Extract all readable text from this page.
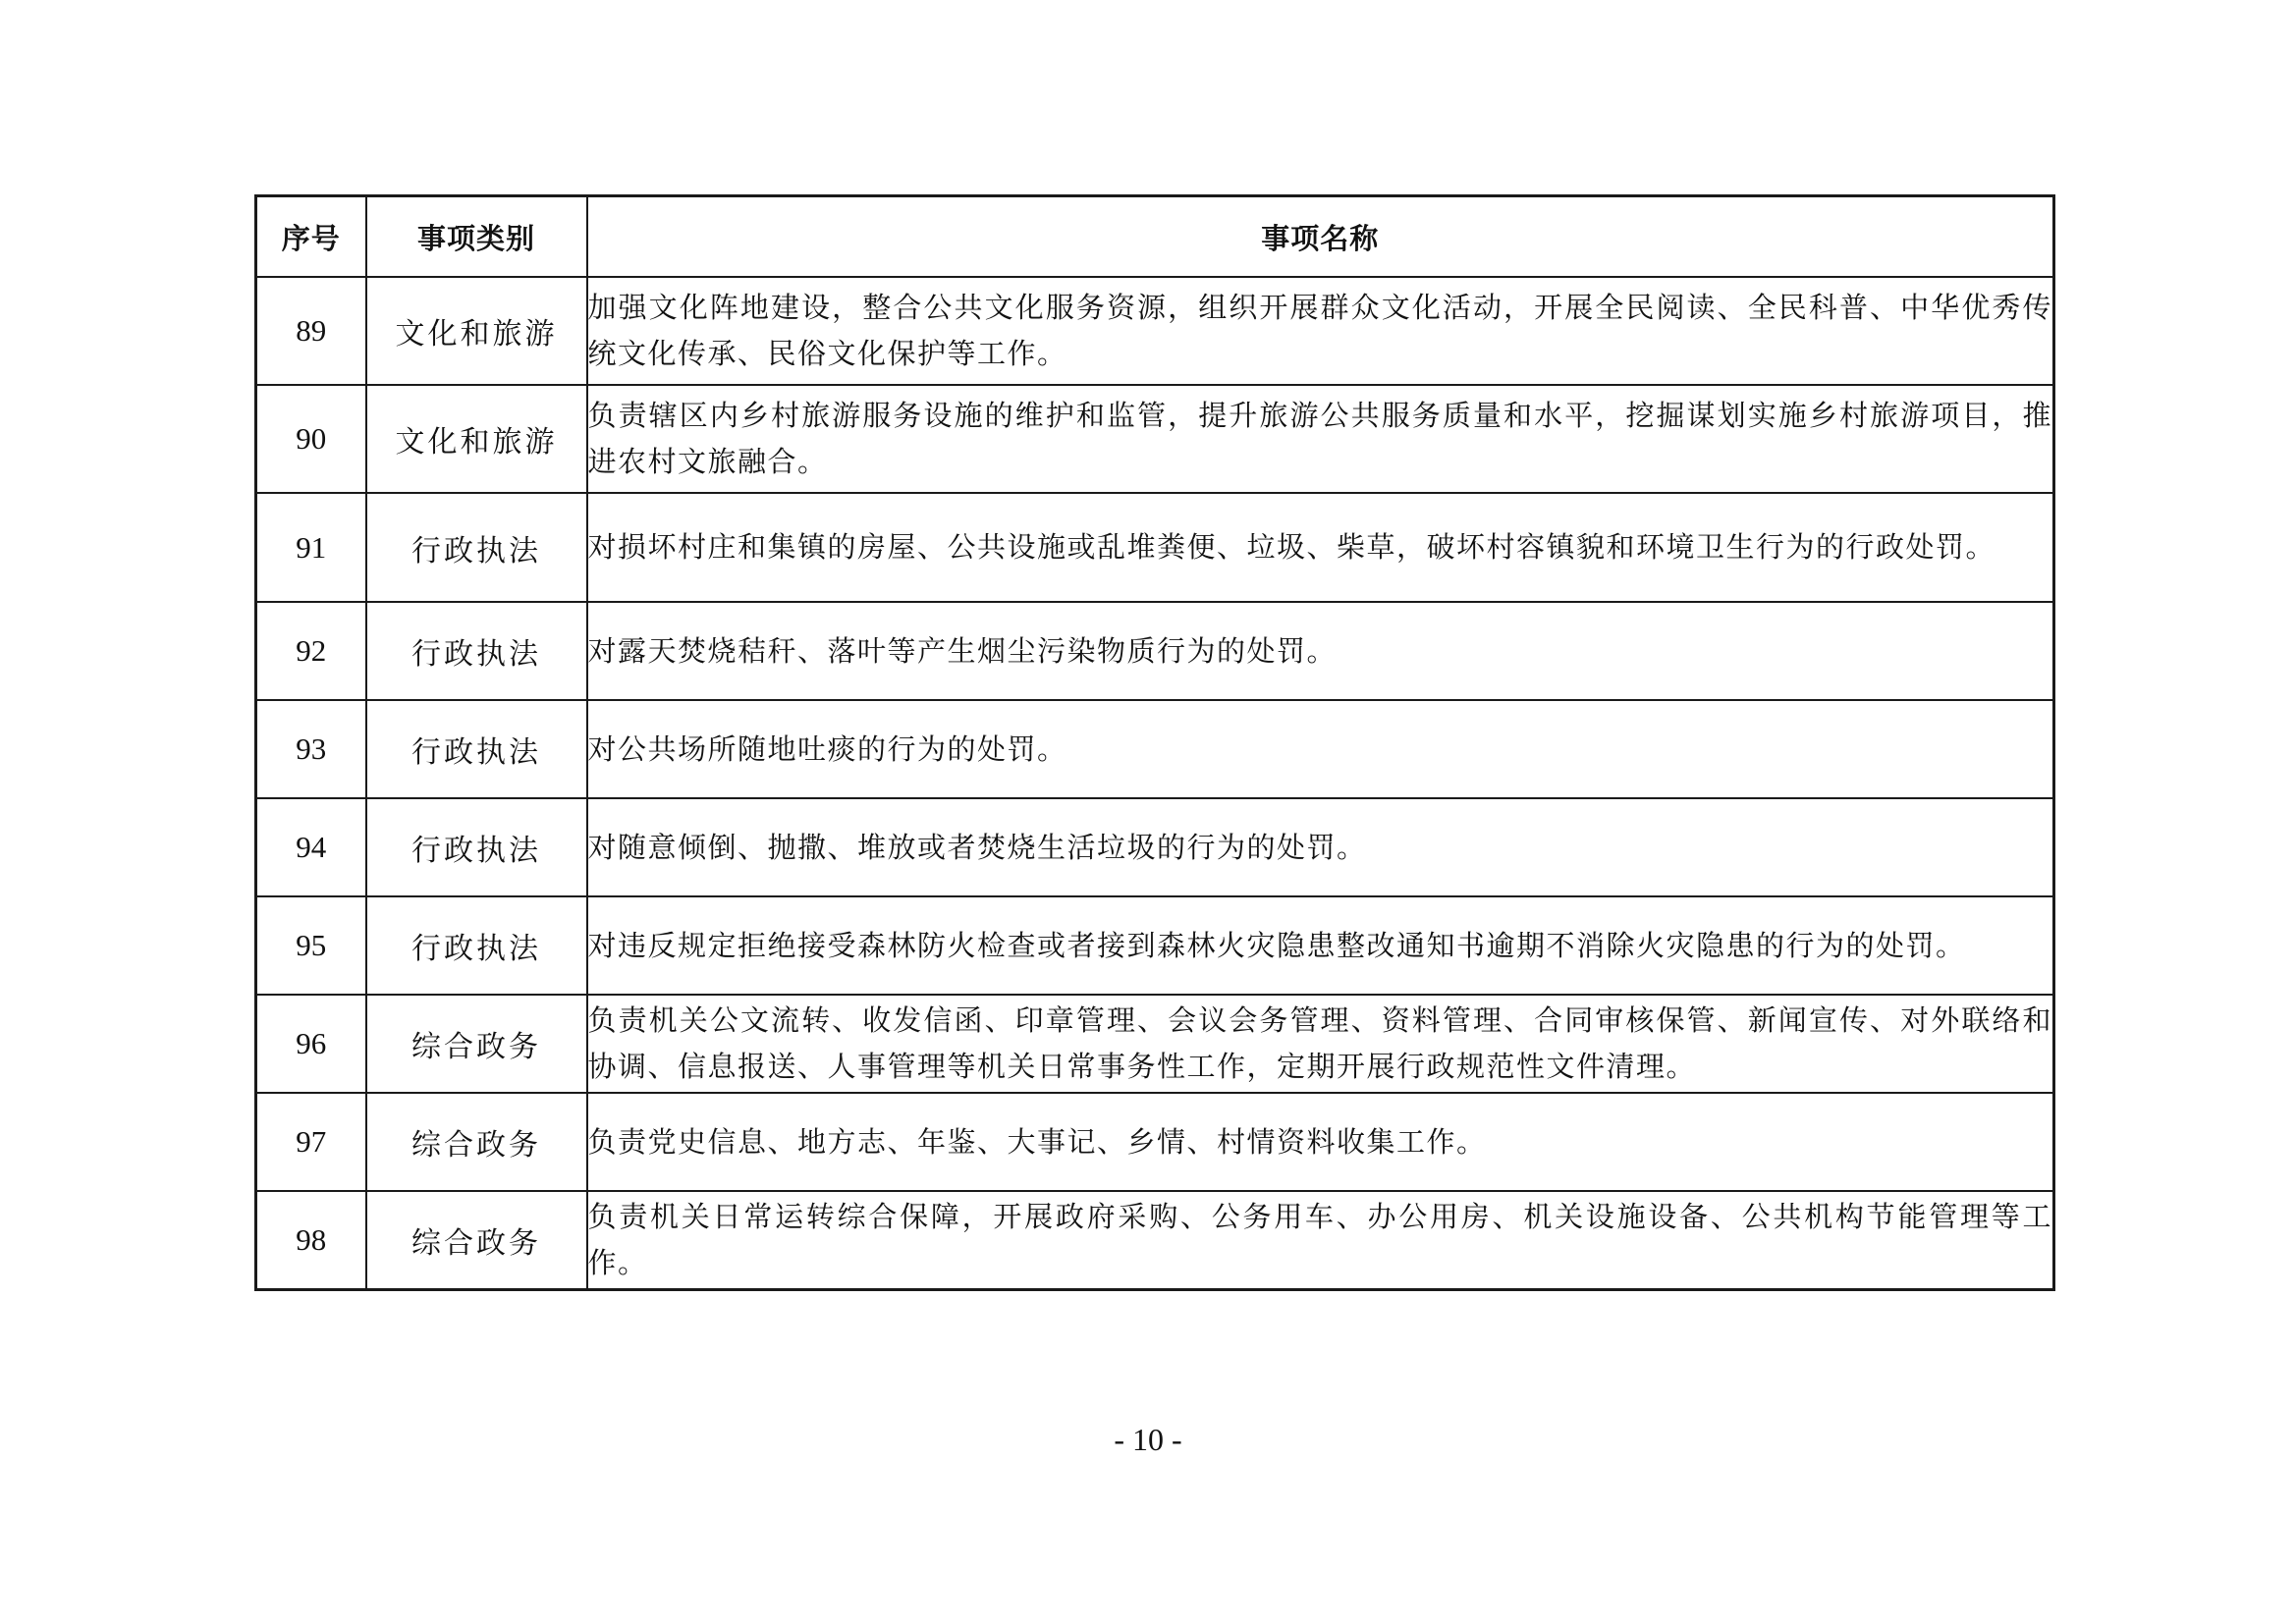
序号	事项类别	事项名称
89	文化和旅游	加强文化阵地建设，整合公共文化服务资源，组织开展群众文化活动，开展全民阅读、全民科普、中华优秀传统文化传承、民俗文化保护等工作。
90	文化和旅游	负责辖区内乡村旅游服务设施的维护和监管，提升旅游公共服务质量和水平，挖掘谋划实施乡村旅游项目，推进农村文旅融合。
91	行政执法	对损坏村庄和集镇的房屋、公共设施或乱堆粪便、垃圾、柴草，破坏村容镇貌和环境卫生行为的行政处罚。
92	行政执法	对露天焚烧秸秆、落叶等产生烟尘污染物质行为的处罚。
93	行政执法	对公共场所随地吐痰的行为的处罚。
94	行政执法	对随意倾倒、抛撒、堆放或者焚烧生活垃圾的行为的处罚。
95	行政执法	对违反规定拒绝接受森林防火检查或者接到森林火灾隐患整改通知书逾期不消除火灾隐患的行为的处罚。
96	综合政务	负责机关公文流转、收发信函、印章管理、会议会务管理、资料管理、合同审核保管、新闻宣传、对外联络和协调、信息报送、人事管理等机关日常事务性工作，定期开展行政规范性文件清理。
97	综合政务	负责党史信息、地方志、年鉴、大事记、乡情、村情资料收集工作。
98	综合政务	负责机关日常运转综合保障，开展政府采购、公务用车、办公用房、机关设施设备、公共机构节能管理等工作。
- 10 -
